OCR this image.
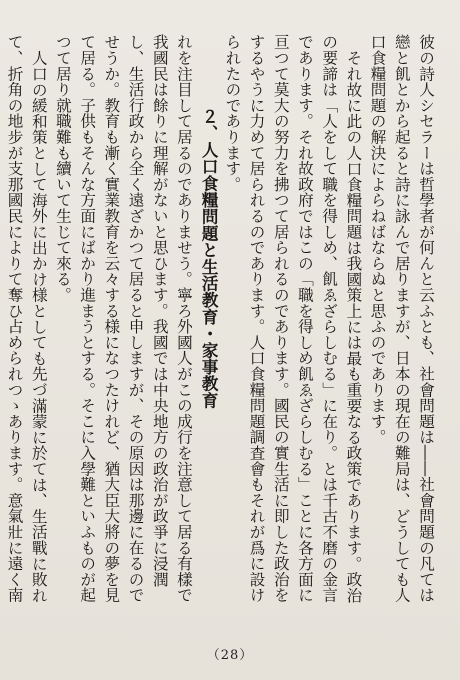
彼の詩人シセラーは哲學者が何んと云ふとも、社會問題は――社會問題の凡ては戀と飢とから起ると詩に詠んで居りますが、日本の現在の難局は、どうしても人口食糧問題の解決によらねばならぬと思ふのであります。

それ故に此の人口食糧問題は我國策上には最も重要なる政策であります。政治の要諦は「人をして職を得しめ、飢ゑざらしむる」に在り。とは千古不磨の金言であります。それ故政府ではこの「職を得しめ飢ゑざらしむる」ことに各方面に亘つて莫大の努力を拂つて居られるのであります。國民の實生活に即した政治をするやうに力めて居られるのであります。人口食糧問題調査會もそれが爲に設けられたのであります。

２、人口食糧問題と生活教育・家事教育

れを注目して居るのでありませう。寧ろ外國人がこの成行を注意して居る有樣で我國民は餘りに理解がないと思ひます。我國では中央地方の政治が政爭に浸潤し、生活行政から全く遠ざかつて居ると申しますが、その原因は那邊に在るのでせうか。教育も漸く實業教育を云々する様になつたけれど、猶大臣大將の夢を見て居る。子供もそんな方面にばかり進まうとする。そこに入學難といふものが起つて居り就職難も續いて生じて來る。

人口の緩和策として海外に出かけ様としても先づ滿蒙に於ては、生活戰に敗れて、折角の地步が支那國民によりて奪ひ占められつゝあります。意氣壯に遠く南

（28）
